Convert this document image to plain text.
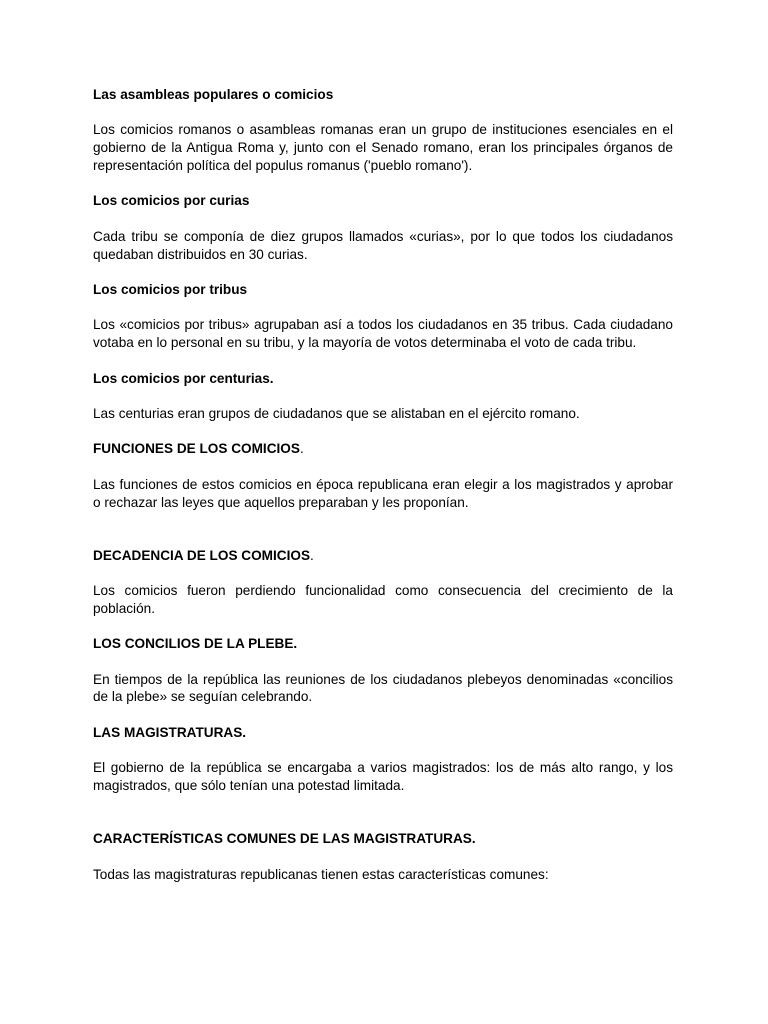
Las asambleas populares o comicios

Los comicios romanos o asambleas romanas eran un grupo de instituciones esenciales en el gobierno de la Antigua Roma y, junto con el Senado romano, eran los principales órganos de representación política del populus romanus ('pueblo romano').

Los comicios por curias

Cada tribu se componía de diez grupos llamados «curias», por lo que todos los ciudadanos quedaban distribuidos en 30 curias.

Los comicios por tribus

Los «comicios por tribus» agrupaban así a todos los ciudadanos en 35 tribus. Cada ciudadano votaba en lo personal en su tribu, y la mayoría de votos determinaba el voto de cada tribu.

Los comicios por centurias.

Las centurias eran grupos de ciudadanos que se alistaban en el ejército romano.

FUNCIONES DE LOS COMICIOS.

Las funciones de estos comicios en época republicana eran elegir a los magistrados y aprobar o rechazar las leyes que aquellos preparaban y les proponían.

DECADENCIA DE LOS COMICIOS.

Los comicios fueron perdiendo funcionalidad como consecuencia del crecimiento de la población.

LOS CONCILIOS DE LA PLEBE.

En tiempos de la república las reuniones de los ciudadanos plebeyos denominadas «concilios de la plebe» se seguían celebrando.

LAS MAGISTRATURAS.

El gobierno de la república se encargaba a varios magistrados: los de más alto rango, y los magistrados, que sólo tenían una potestad limitada.

CARACTERÍSTICAS COMUNES DE LAS MAGISTRATURAS.

Todas las magistraturas republicanas tienen estas características comunes:
